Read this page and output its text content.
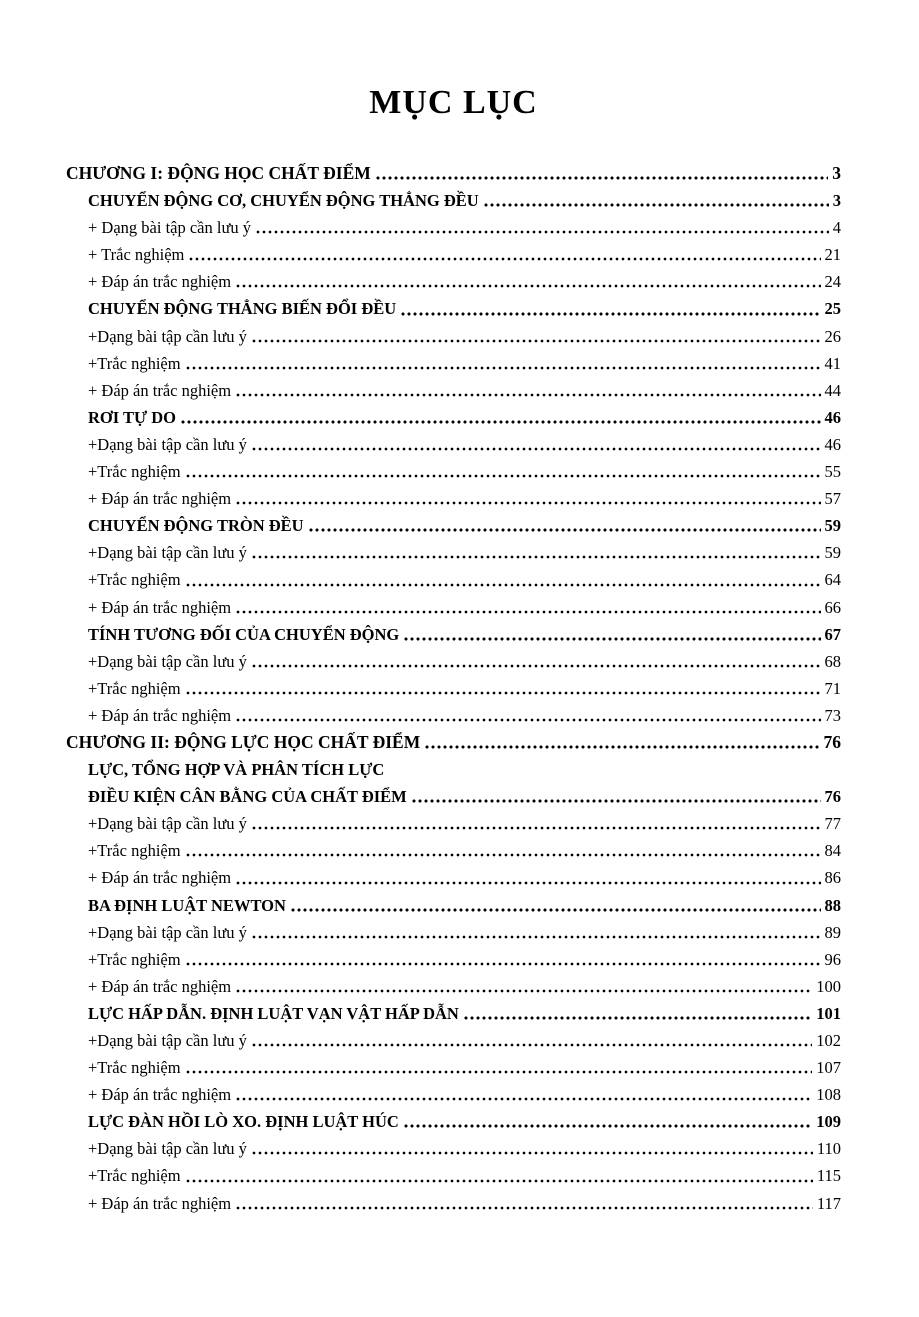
MỤC LỤC
CHƯƠNG I: ĐỘNG HỌC CHẤT ĐIỂM	3
CHUYỂN ĐỘNG CƠ, CHUYỂN ĐỘNG THẲNG ĐỀU	3
+ Dạng bài tập cần lưu ý	4
+ Trắc nghiệm	21
+ Đáp án trắc nghiệm	24
CHUYỂN ĐỘNG THẲNG BIẾN ĐỔI ĐỀU	25
+Dạng bài tập cần lưu ý	26
+Trắc nghiệm	41
+ Đáp án trắc nghiệm	44
RƠI TỰ DO	46
+Dạng bài tập cần lưu ý	46
+Trắc nghiệm	55
+ Đáp án trắc nghiệm	57
CHUYỂN ĐỘNG TRÒN ĐỀU	59
+Dạng bài tập cần lưu ý	59
+Trắc nghiệm	64
+ Đáp án trắc nghiệm	66
TÍNH TƯƠNG ĐỐI CỦA CHUYỂN ĐỘNG	67
+Dạng bài tập cần lưu ý	68
+Trắc nghiệm	71
+ Đáp án trắc nghiệm	73
CHƯƠNG II: ĐỘNG LỰC HỌC CHẤT ĐIỂM	76
LỰC, TỔNG HỢP VÀ PHÂN TÍCH LỰC
ĐIỀU KIỆN CÂN BẰNG CỦA CHẤT ĐIỂM	76
+Dạng bài tập cần lưu ý	77
+Trắc nghiệm	84
+ Đáp án trắc nghiệm	86
BA ĐỊNH LUẬT NEWTON	88
+Dạng bài tập cần lưu ý	89
+Trắc nghiệm	96
+ Đáp án trắc nghiệm	100
LỰC HẤP DẪN. ĐỊNH LUẬT VẠN VẬT HẤP DẪN	101
+Dạng bài tập cần lưu ý	102
+Trắc nghiệm	107
+ Đáp án trắc nghiệm	108
LỰC ĐÀN HỒI LÒ XO. ĐỊNH LUẬT HÚC	109
+Dạng bài tập cần lưu ý	110
+Trắc nghiệm	115
+ Đáp án trắc nghiệm	117
